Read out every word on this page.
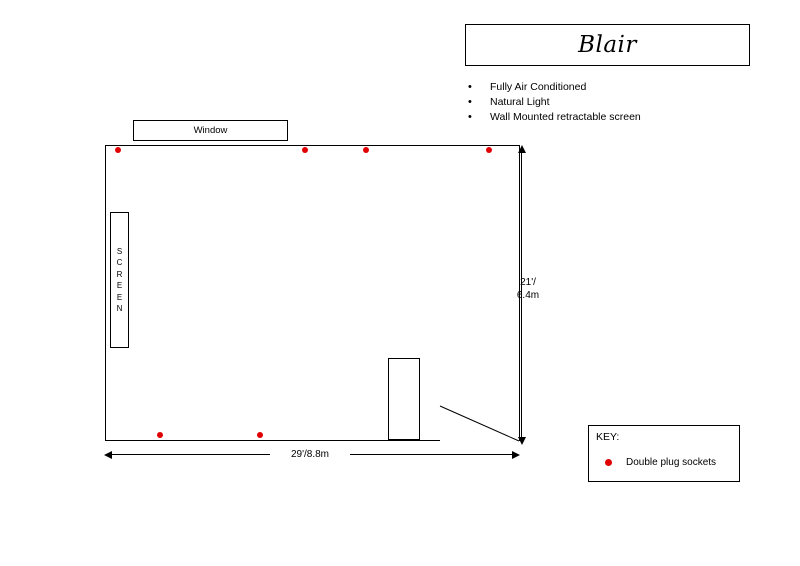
Blair
•	Fully Air Conditioned
•	Natural Light
•	Wall Mounted retractable screen
Window
S
C
R
E
E
N
21'/
6.4m
29'/8.8m
KEY:
Double plug sockets
